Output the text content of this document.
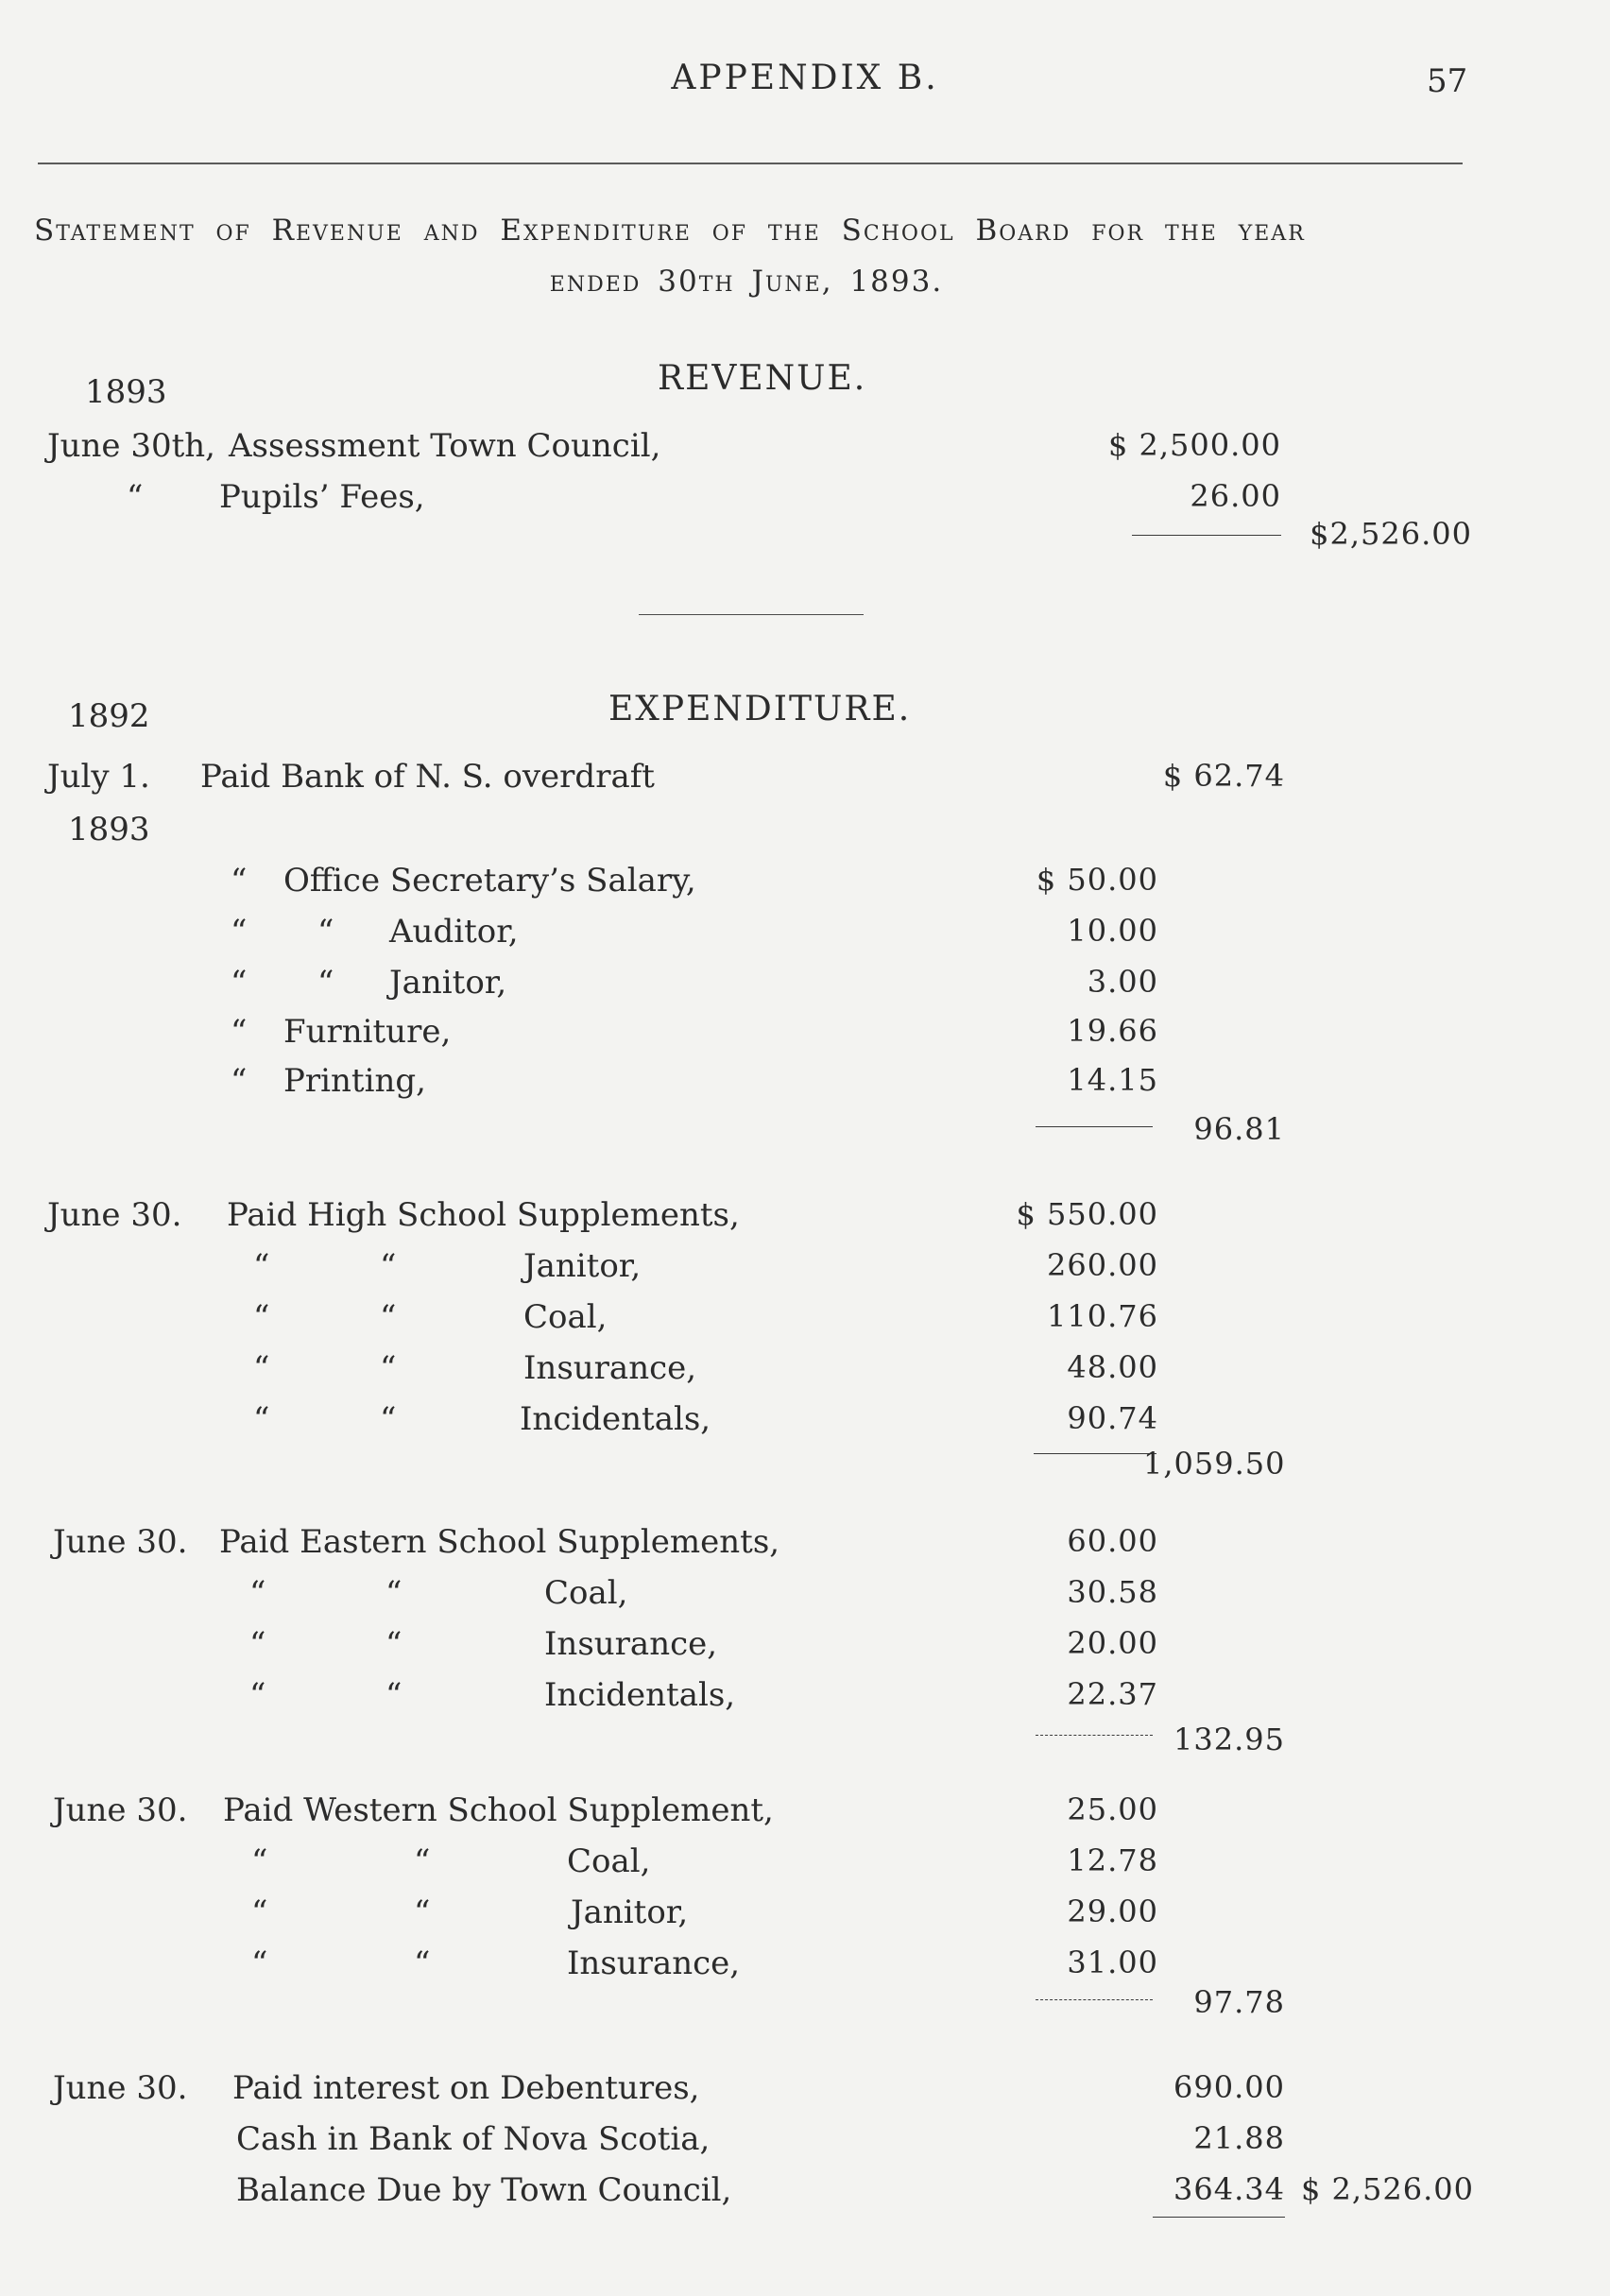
APPENDIX B.	57
Statement of Revenue and Expenditure of the School Board for the year
ended 30th June, 1893.
1893	REVENUE.
June 30th, Assessment Town Council,	$ 2,500.00
“ Pupils’ Fees,	26.00
$2,526.00
1892	EXPENDITURE.
July 1. Paid Bank of N. S. overdraft	$ 62.74
1893
“ Office Secretary’s Salary,	$ 50.00
“ “ Auditor,	10.00
“ “ Janitor,	3.00
“ Furniture,	19.66
“ Printing,	14.15
96.81
June 30. Paid High School Supplements,	$ 550.00
“	“	Janitor,	260.00
“	“	Coal,	110.76
“	“	Insurance,	48.00
“	“	Incidentals,	90.74
1,059.50
June 30. Paid Eastern School Supplements,	60.00
“	“	Coal,	30.58
“	“	Insurance,	20.00
“	“	Incidentals,	22.37
132.95
June 30. Paid Western School Supplement,	25.00
“	“	Coal,	12.78
“	“	Janitor,	29.00
“	“	Insurance,	31.00
97.78
June 30. Paid interest on Debentures,	690.00
Cash in Bank of Nova Scotia,	21.88
Balance Due by Town Council,	364.34 $ 2,526.00
